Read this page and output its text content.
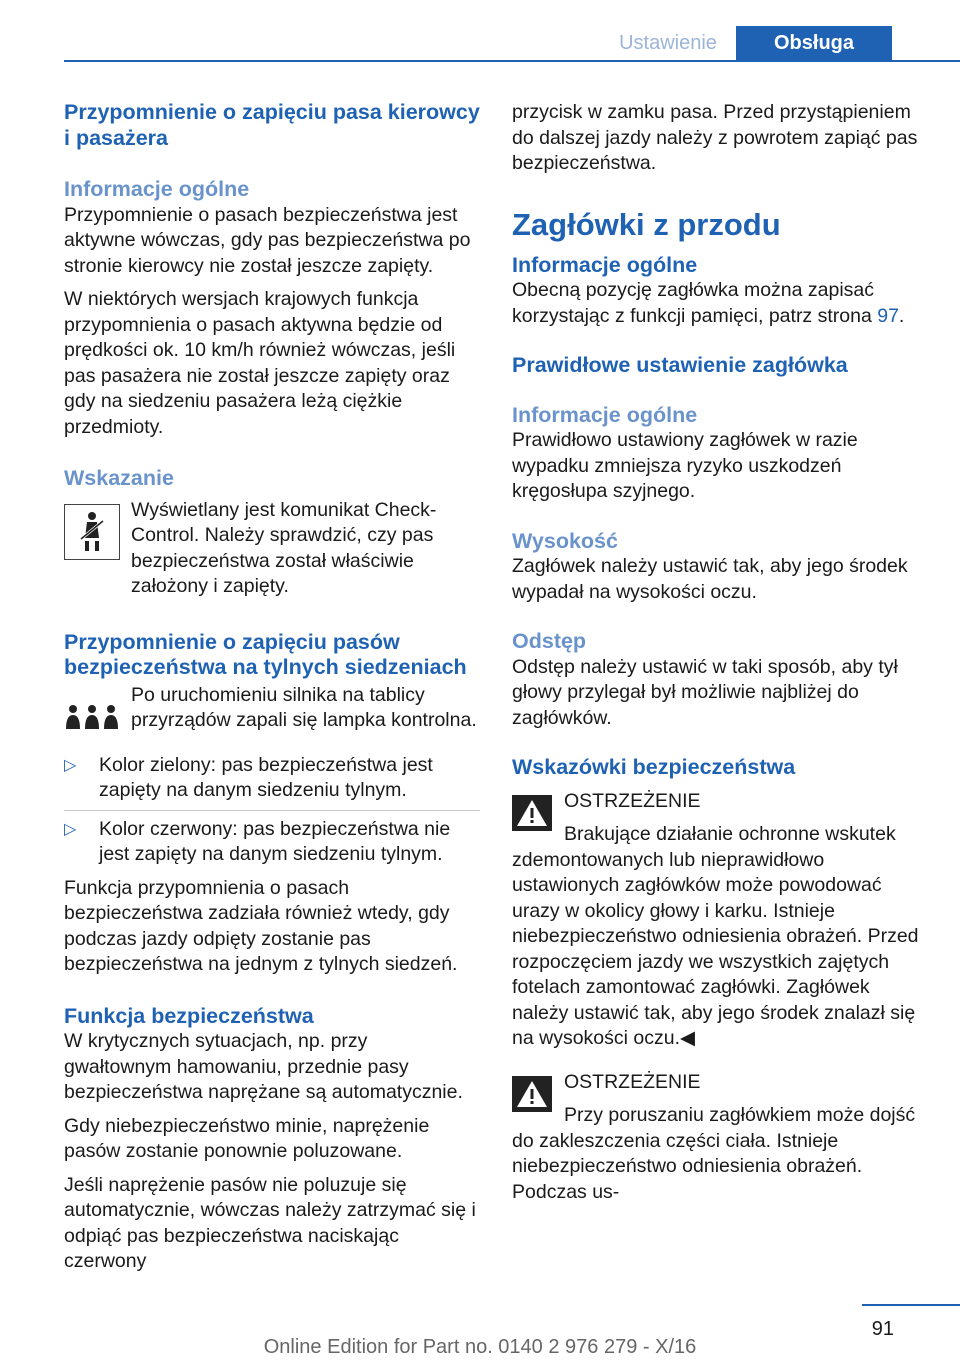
Ustawienie	Obsługa
Przypomnienie o zapięciu pasa kierowcy i pasażera
Informacje ogólne

Przypomnienie o pasach bezpieczeństwa jest aktywne wówczas, gdy pas bezpieczeństwa po stronie kierowcy nie został jeszcze zapięty.

W niektórych wersjach krajowych funkcja przypomnienia o pasach aktywna będzie od prędkości ok. 10 km/h również wówczas, jeśli pas pasażera nie został jeszcze zapięty oraz gdy na siedzeniu pasażera leżą ciężkie przedmioty.

Wskazanie

Wyświetlany jest komunikat Check-Control. Należy sprawdzić, czy pas bezpieczeństwa został właściwie założony i zapięty.

Przypomnienie o zapięciu pasów bezpieczeństwa na tylnych siedzeniach

Po uruchomieniu silnika na tablicy przyrządów zapali się lampka kontrolna.

▷ Kolor zielony: pas bezpieczeństwa jest zapięty na danym siedzeniu tylnym.
▷ Kolor czerwony: pas bezpieczeństwa nie jest zapięty na danym siedzeniu tylnym.

Funkcja przypomnienia o pasach bezpieczeństwa zadziała również wtedy, gdy podczas jazdy odpięty zostanie pas bezpieczeństwa na jednym z tylnych siedzeń.

Funkcja bezpieczeństwa

W krytycznych sytuacjach, np. przy gwałtownym hamowaniu, przednie pasy bezpieczeństwa naprężane są automatycznie.

Gdy niebezpieczeństwo minie, naprężenie pasów zostanie ponownie poluzowane.

Jeśli naprężenie pasów nie poluzuje się automatycznie, wówczas należy zatrzymać się i odpiąć pas bezpieczeństwa naciskając czerwony

przycisk w zamku pasa. Przed przystąpieniem do dalszej jazdy należy z powrotem zapiąć pas bezpieczeństwa.

Zagłówki z przodu
Informacje ogólne

Obecną pozycję zagłówka można zapisać korzystając z funkcji pamięci, patrz strona 97.

Prawidłowe ustawienie zagłówka
Informacje ogólne

Prawidłowo ustawiony zagłówek w razie wypadku zmniejsza ryzyko uszkodzeń kręgosłupa szyjnego.

Wysokość

Zagłówek należy ustawić tak, aby jego środek wypadał na wysokości oczu.

Odstęp

Odstęp należy ustawić w taki sposób, aby tył głowy przylegał był możliwie najbliżej do zagłówków.

Wskazówki bezpieczeństwa

OSTRZEŻENIE

Brakujące działanie ochronne wskutek zdemontowanych lub nieprawidłowo ustawionych zagłówków może powodować urazy w okolicy głowy i karku. Istnieje niebezpieczeństwo odniesienia obrażeń. Przed rozpoczęciem jazdy we wszystkich zajętych fotelach zamontować zagłówki. Zagłówek należy ustawić tak, aby jego środek znalazł się na wysokości oczu.◀

OSTRZEŻENIE

Przy poruszaniu zagłówkiem może dojść do zakleszczenia części ciała. Istnieje niebezpieczeństwo odniesienia obrażeń. Podczas us-

91
Online Edition for Part no. 0140 2 976 279 - X/16
